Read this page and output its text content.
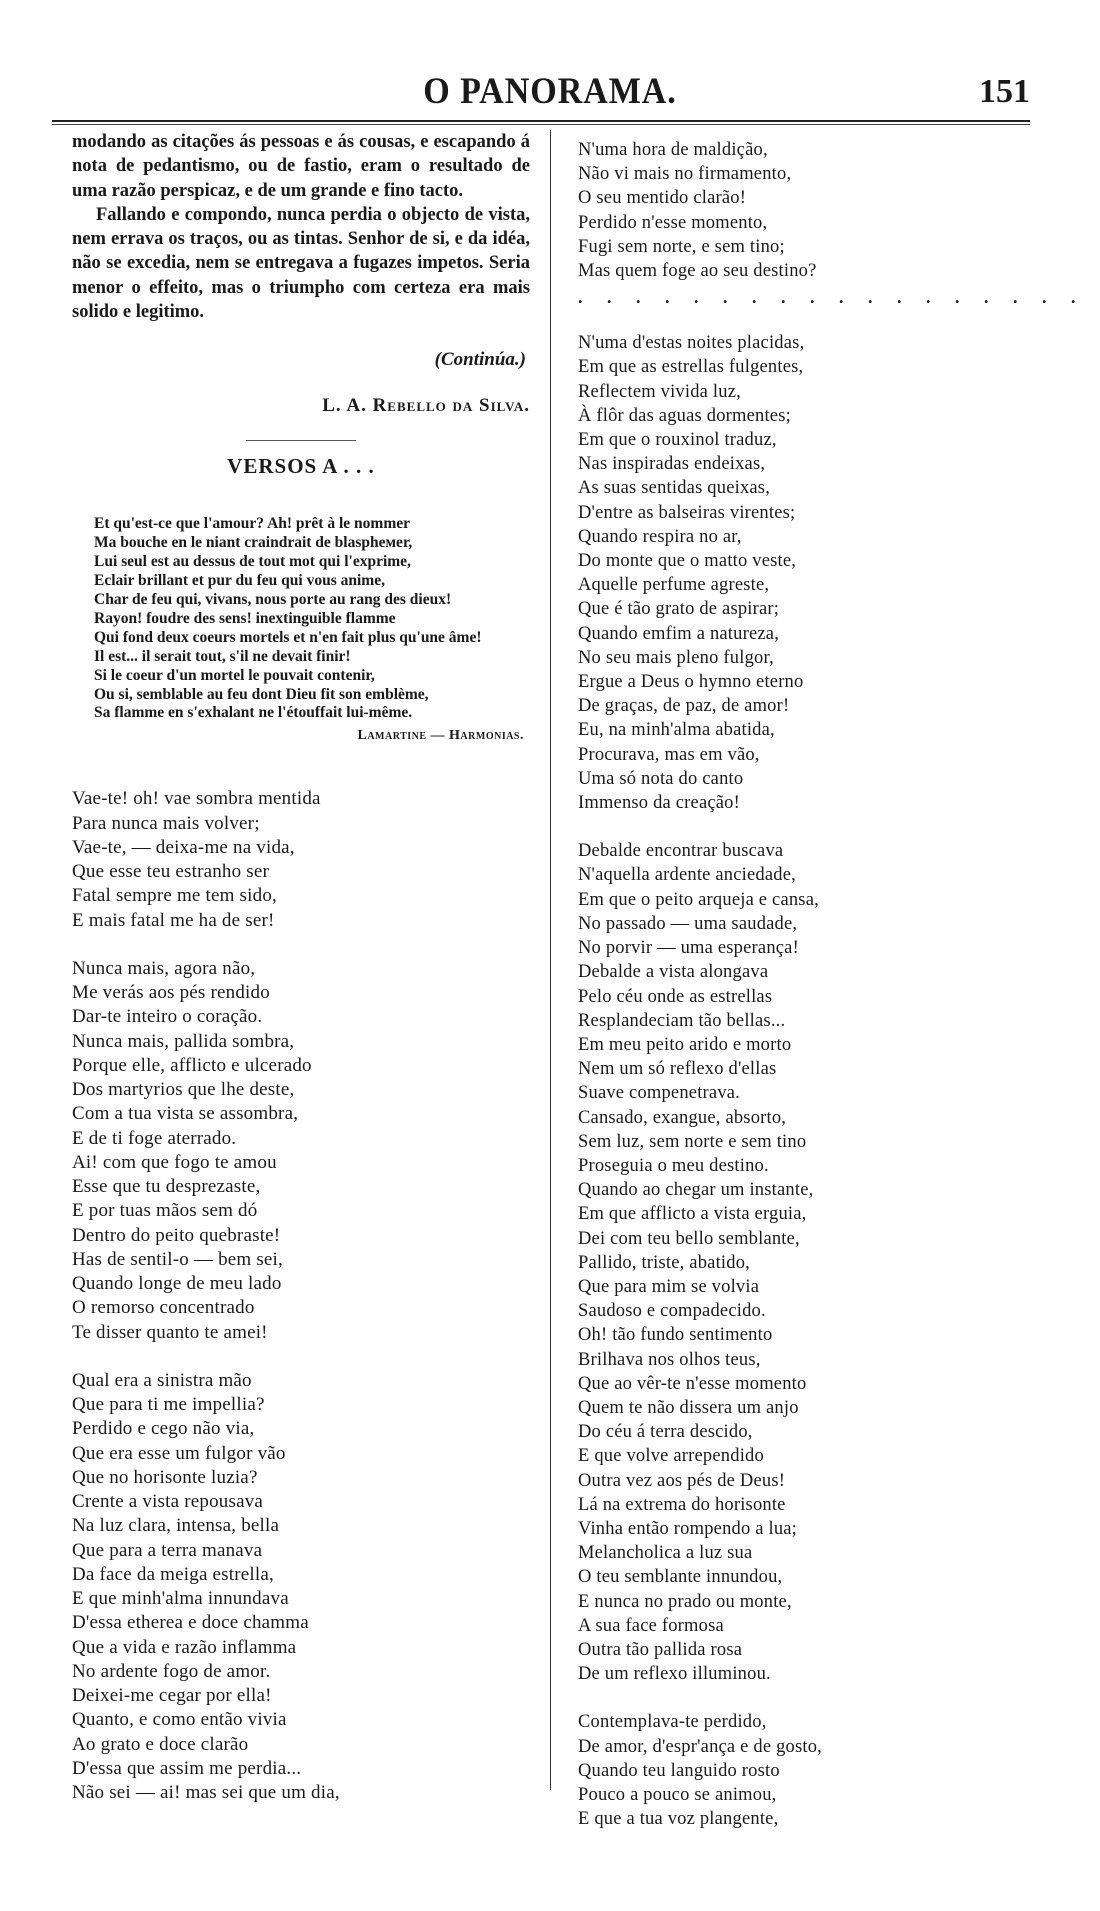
O PANORAMA.	151

modando as citações ás pessoas e ás cousas, e escapando á nota de pedantismo, ou de fastio, eram o resultado de uma razão perspicaz, e de um grande e fino tacto.

Fallando e compondo, nunca perdia o objecto de vista, nem errava os traços, ou as tintas. Senhor de si, e da idéa, não se excedia, nem se entregava a fugazes impetos. Seria menor o effeito, mas o triumpho com certeza era mais solido e legitimo.

(Continúa.)
L. A. Rebello da Silva.
VERSOS A . . .
Et qu'est-ce que l'amour? Ah! prêt à le nommer
Ma bouche en le niant craindrait de blaspheмer,
Lui seul est au dessus de tout mot qui l'exprime,
Eclair brillant et pur du feu qui vous anime,
Char de feu qui, vivans, nous porte au rang des dieux!
Rayon! foudre des sens! inextinguible flamme
Qui fond deux coeurs mortels et n'en fait plus qu'une âme!
Il est... il serait tout, s'il ne devait finir!
Si le coeur d'un mortel le pouvait contenir,
Ou si, semblable au feu dont Dieu fit son emblème,
Sa flamme en s'exhalant ne l'étouffait lui-même.
Lamartine — Harmonias.
Vae-te! oh! vae sombra mentida
Para nunca mais volver;
Vae-te, — deixa-me na vida,
Que esse teu estranho ser
Fatal sempre me tem sido,
E mais fatal me ha de ser!
Nunca mais, agora não,
Me verás aos pés rendido
Dar-te inteiro o coração.
Nunca mais, pallida sombra,
Porque elle, afflicto e ulcerado
Dos martyrios que lhe deste,
Com a tua vista se assombra,
E de ti foge aterrado.
Ai! com que fogo te amou
Esse que tu desprezaste,
E por tuas mãos sem dó
Dentro do peito quebraste!
Has de sentil-o — bem sei,
Quando longe de meu lado
O remorso concentrado
Te disser quanto te amei!
Qual era a sinistra mão
Que para ti me impellia?
Perdido e cego não via,
Que era esse um fulgor vão
Que no horisonte luzia?
Crente a vista repousava
Na luz clara, intensa, bella
Que para a terra manava
Da face da meiga estrella,
E que minh'alma innundava
D'essa etherea e doce chamma
Que a vida e razão inflamma
No ardente fogo de amor.
Deixei-me cegar por ella!
Quanto, e como então vivia
Ao grato e doce clarão
D'essa que assim me perdia...
Não sei — ai! mas sei que um dia,
N'uma hora de maldição,
Não vi mais no firmamento,
O seu mentido clarão!
Perdido n'esse momento,
Fugi sem norte, e sem tino;
Mas quem foge ao seu destino?
. . . . . . . . . . . . . . . . . .
N'uma d'estas noites placidas,
Em que as estrellas fulgentes,
Reflectem vivida luz,
À flôr das aguas dormentes;
Em que o rouxinol traduz,
Nas inspiradas endeixas,
As suas sentidas queixas,
D'entre as balseiras virentes;
Quando respira no ar,
Do monte que o matto veste,
Aquelle perfume agreste,
Que é tão grato de aspirar;
Quando emfim a natureza,
No seu mais pleno fulgor,
Ergue a Deus o hymno eterno
De graças, de paz, de amor!
Eu, na minh'alma abatida,
Procurava, mas em vão,
Uma só nota do canto
Immenso da creação!
Debalde encontrar buscava
N'aquella ardente anciedade,
Em que o peito arqueja e cansa,
No passado — uma saudade,
No porvir — uma esperança!
Debalde a vista alongava
Pelo céu onde as estrellas
Resplandeciam tão bellas...
Em meu peito arido e morto
Nem um só reflexo d'ellas
Suave compenetrava.
Cansado, exangue, absorto,
Sem luz, sem norte e sem tino
Proseguia o meu destino.
Quando ao chegar um instante,
Em que afflicto a vista erguia,
Dei com teu bello semblante,
Pallido, triste, abatido,
Que para mim se volvia
Saudoso e compadecido.
Oh! tão fundo sentimento
Brilhava nos olhos teus,
Que ao vêr-te n'esse momento
Quem te não dissera um anjo
Do céu á terra descido,
E que volve arrependido
Outra vez aos pés de Deus!
Lá na extrema do horisonte
Vinha então rompendo a lua;
Melancholica a luz sua
O teu semblante innundou,
E nunca no prado ou monte,
A sua face formosa
Outra tão pallida rosa
De um reflexo illuminou.
Contemplava-te perdido,
De amor, d'espr'ança e de gosto,
Quando teu languido rosto
Pouco a pouco se animou,
E que a tua voz plangente,
